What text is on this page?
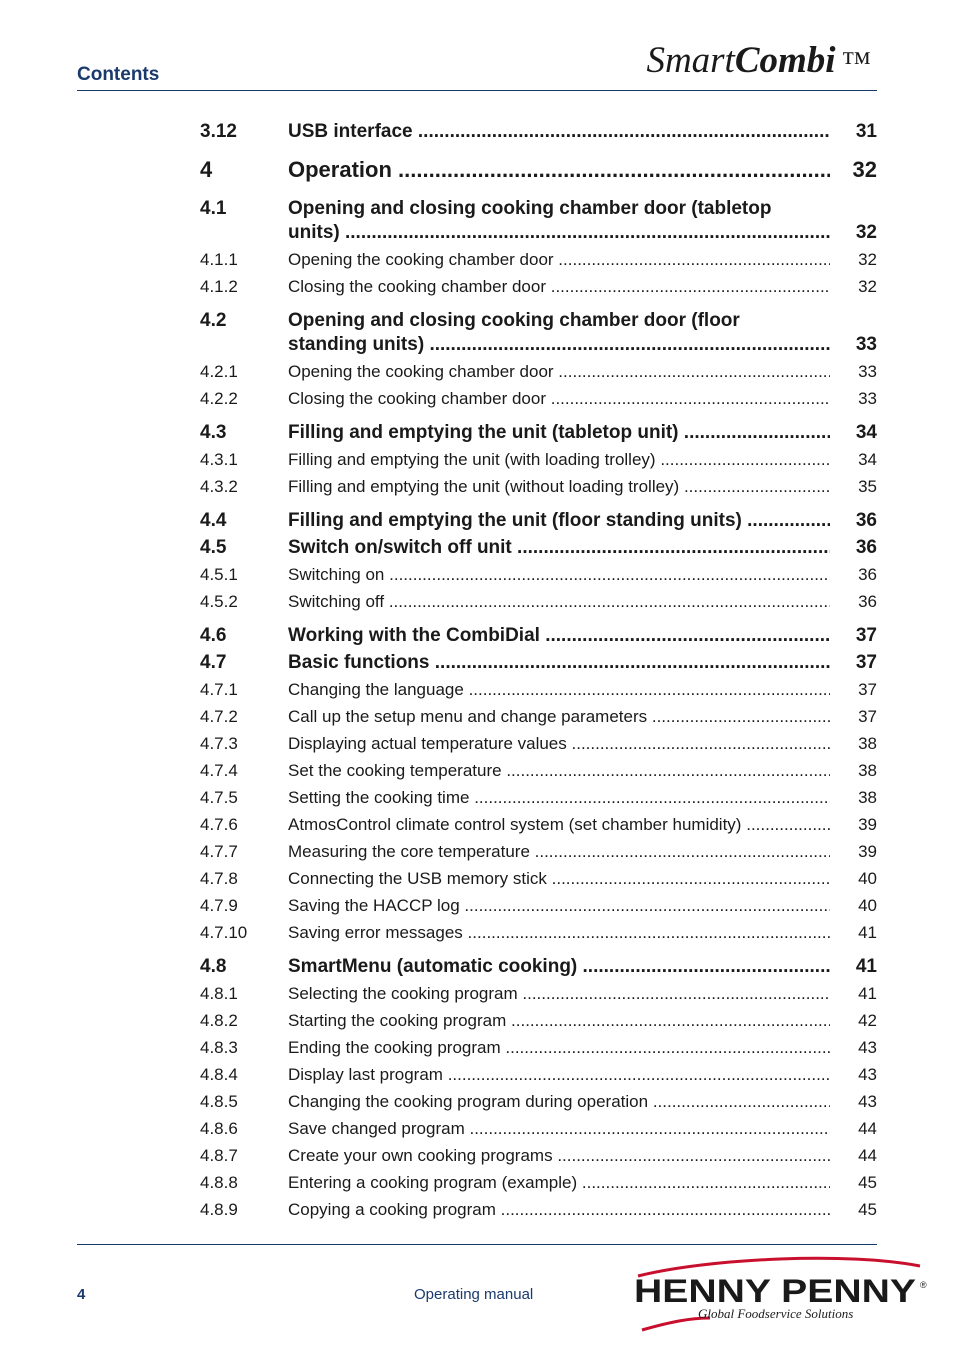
Contents	SmartCombi ™
3.12	USB interface .....	31
4	Operation .....	32
4.1	Opening and closing cooking chamber door (tabletop
units) .....	32
4.1.1	Opening the cooking chamber door .....	32
4.1.2	Closing the cooking chamber door .....	32
4.2	Opening and closing cooking chamber door (floor
standing units) .....	33
4.2.1	Opening the cooking chamber door .....	33
4.2.2	Closing the cooking chamber door .....	33
4.3	Filling and emptying the unit (tabletop unit) .....	34
4.3.1	Filling and emptying the unit (with loading trolley) .....	34
4.3.2	Filling and emptying the unit (without loading trolley) .....	35
4.4	Filling and emptying the unit (floor standing units) .....	36
4.5	Switch on/switch off unit .....	36
4.5.1	Switching on .....	36
4.5.2	Switching off .....	36
4.6	Working with the CombiDial .....	37
4.7	Basic functions .....	37
4.7.1	Changing the language .....	37
4.7.2	Call up the setup menu and change parameters .....	37
4.7.3	Displaying actual temperature values .....	38
4.7.4	Set the cooking temperature .....	38
4.7.5	Setting the cooking time .....	38
4.7.6	AtmosControl climate control system (set chamber humidity) .....	39
4.7.7	Measuring the core temperature .....	39
4.7.8	Connecting the USB memory stick .....	40
4.7.9	Saving the HACCP log .....	40
4.7.10 Saving error messages .....	41
4.8	SmartMenu (automatic cooking) .....	41
4.8.1	Selecting the cooking program .....	41
4.8.2	Starting the cooking program .....	42
4.8.3	Ending the cooking program .....	43
4.8.4	Display last program .....	43
4.8.5	Changing the cooking program during operation .....	43
4.8.6	Save changed program .....	44
4.8.7	Create your own cooking programs .....	44
4.8.8	Entering a cooking program (example) .....	45
4.8.9	Copying a cooking program .....	45
4	Operating manual	HENNY PENNY ®
Global Foodservice Solutions
